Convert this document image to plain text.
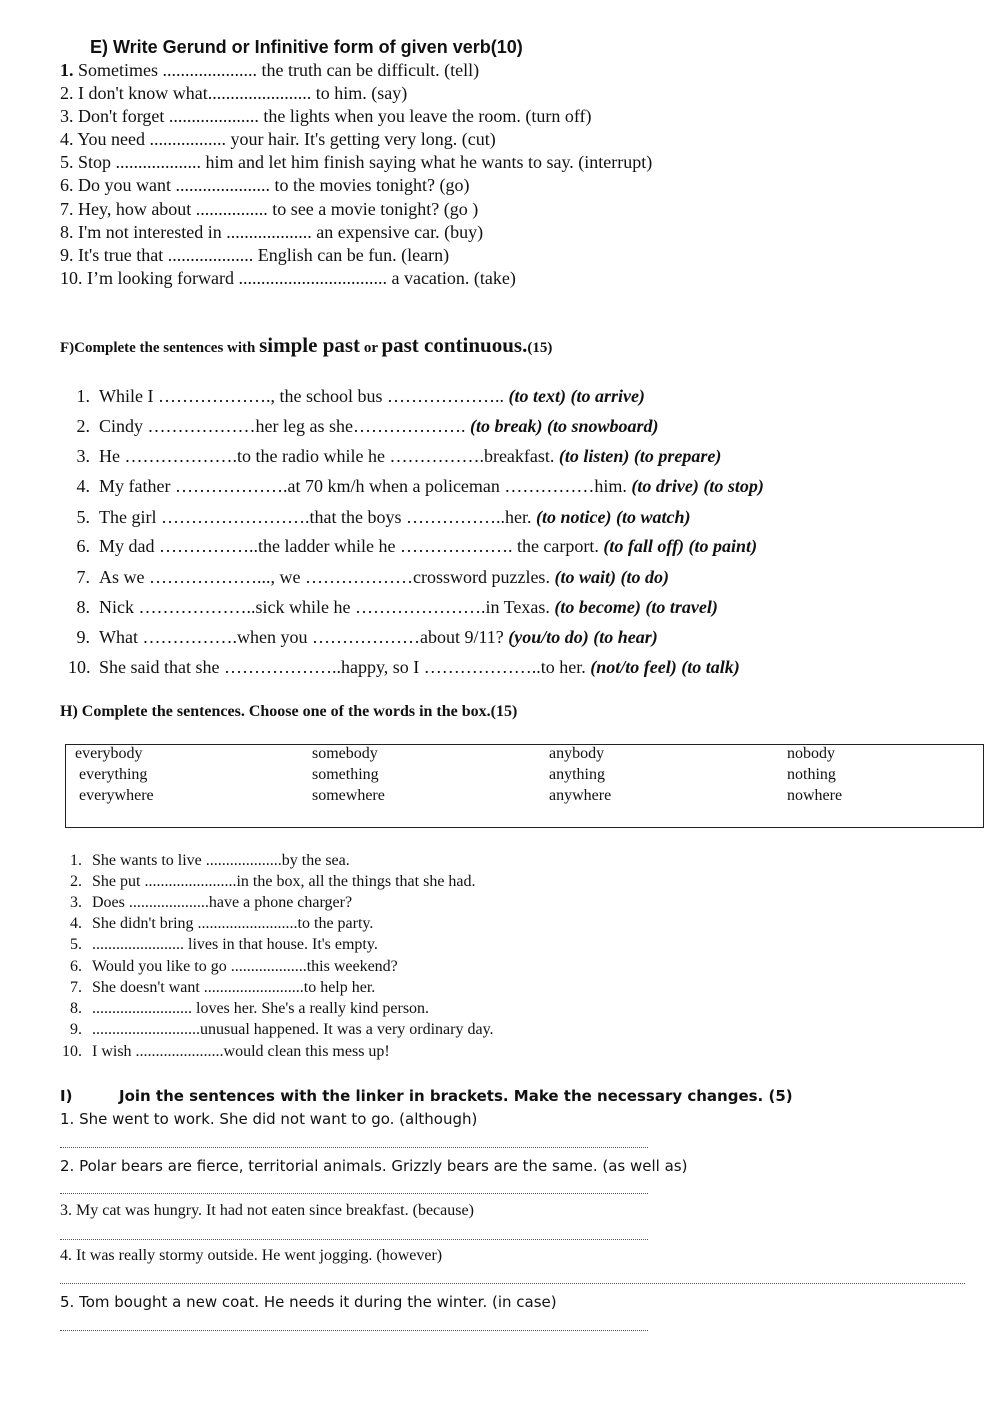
E) Write Gerund or Infinitive form of given verb(10)
1. Sometimes ..................... the truth can be difficult. (tell)
2. I don't know what....................... to him. (say)
3. Don't forget .................... the lights when you leave the room. (turn off)
4. You need ................. your hair. It's getting very long. (cut)
5. Stop ................... him and let him finish saying what he wants to say. (interrupt)
6. Do you want ..................... to the movies tonight? (go)
7. Hey, how about ................ to see a movie tonight? (go )
8. I'm not interested in ................... an expensive car. (buy)
9. It's true that ................... English can be fun. (learn)
10. I’m looking forward ................................. a vacation. (take)
F)Complete the sentences with simple past or past continuous.(15)
1. While I ………………., the school bus ……………….. (to text) (to arrive)
2. Cindy ………………her leg as she………………. (to break) (to snowboard)
3. He ……………….to the radio while he …………….breakfast. (to listen) (to prepare)
4. My father ……………….at 70 km/h when a policeman ……………him. (to drive) (to stop)
5. The girl …………………….that the boys ……………..her. (to notice) (to watch)
6. My dad ……………..the ladder while he ………………. the carport. (to fall off) (to paint)
7. As we ………………..., we ………………crossword puzzles. (to wait) (to do)
8. Nick ………………..sick while he ………………….in Texas. (to become) (to travel)
9. What …………….when you ………………about 9/11? (you/to do) (to hear)
10. She said that she ………………..happy, so I ………………..to her. (not/to feel) (to talk)
H) Complete the sentences. Choose one of the words in the box.(15)
everybody	somebody	anybody	nobody
everything	something	anything	nothing
everywhere	somewhere	anywhere	nowhere
1. She wants to live ...................by the sea.
2. She put .......................in the box, all the things that she had.
3. Does ....................have a phone charger?
4. She didn't bring .........................to the party.
5. ....................... lives in that house. It's empty.
6. Would you like to go ...................this weekend?
7. She doesn't want .........................to help her.
8. ......................... loves her. She's a really kind person.
9. ...........................unusual happened. It was a very ordinary day.
10. I wish ......................would clean this mess up!
I)	Join the sentences with the linker in brackets. Make the necessary changes. (5)
1. She went to work. She did not want to go. (although)
2. Polar bears are fierce, territorial animals. Grizzly bears are the same. (as well as)
3. My cat was hungry. It had not eaten since breakfast. (because)
4. It was really stormy outside. He went jogging. (however)
5. Tom bought a new coat. He needs it during the winter. (in case)
